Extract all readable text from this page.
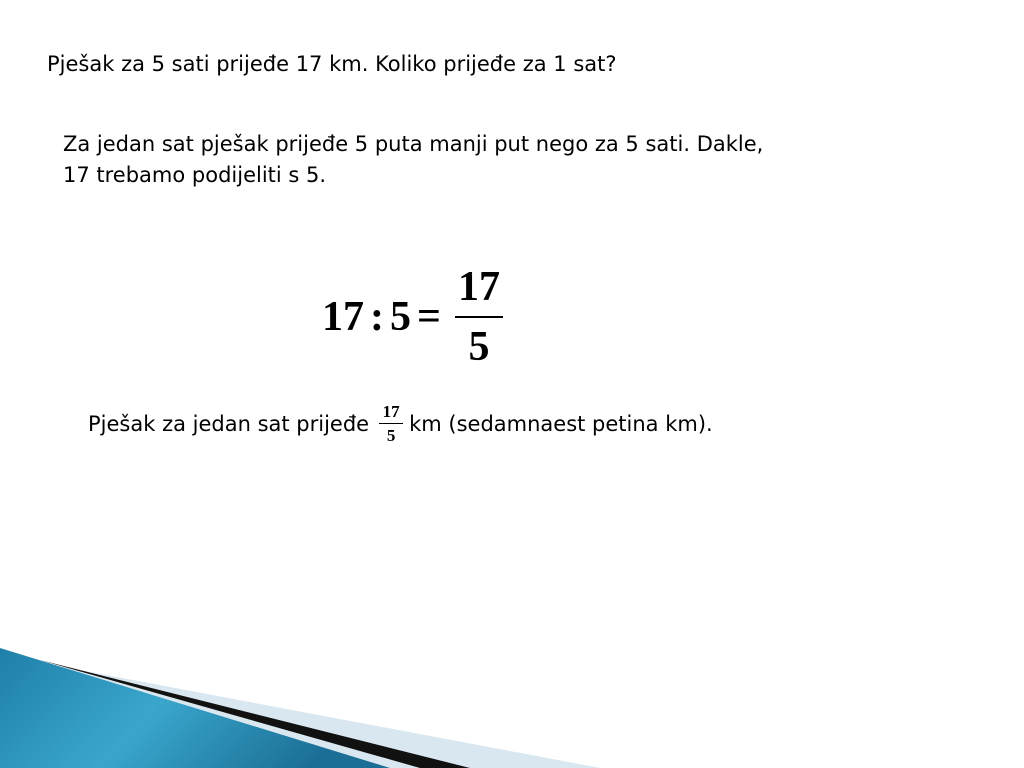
Pješak za 5 sati prijeđe 17 km. Koliko prijeđe za 1 sat?
Za jedan sat pješak prijeđe 5 puta manji put nego za 5 sati. Dakle,
17 trebamo podijeliti s 5.
17 : $5 = \frac{17}{5}$
Pješak za jedan sat prijeđe $\frac{17}{5}$ km (sedamnaest petina km).
